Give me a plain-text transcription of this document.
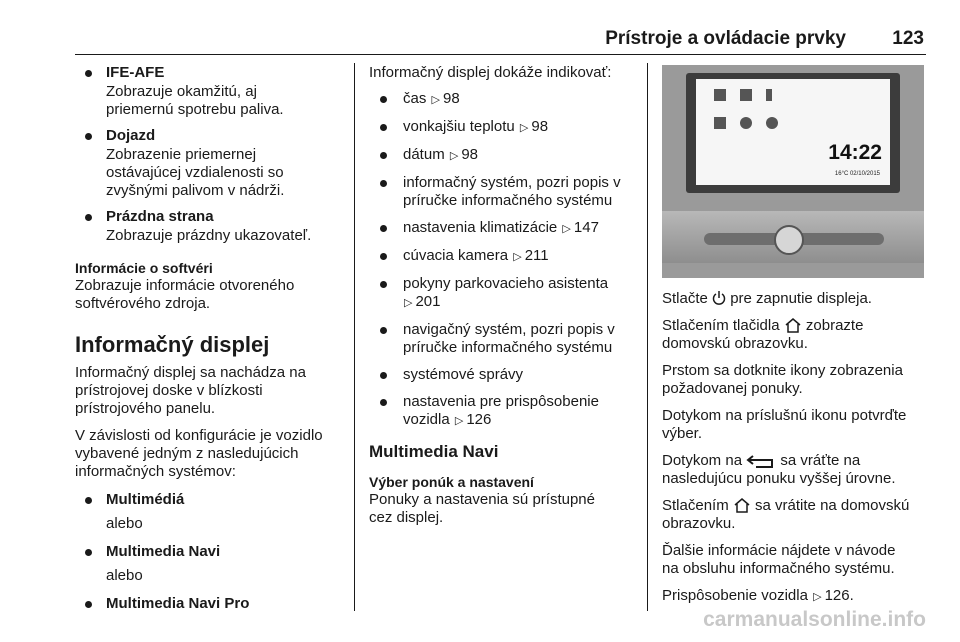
Prístroje a ovládacie prvky 123
IFE-AFE
Zobrazuje okamžitú, aj
priemernú spotrebu paliva.
Dojazd
Zobrazenie priemernej
ostávajúcej vzdialenosti so
zvyšnými palivom v nádrži.
Prázdna strana
Zobrazuje prázdny ukazovateľ.
Informácie o softvéri
Zobrazuje informácie otvoreného
softvérového zdroja.
Informačný displej
Informačný displej sa nachádza na
prístrojovej doske v blízkosti
prístrojového panelu.
V závislosti od konfigurácie je vozidlo
vybavené jedným z nasledujúcich
informačných systémov:
Multimédiá
alebo
Multimedia Navi
alebo
Multimedia Navi Pro
Informačný displej dokáže indikovať:
čas ▷ 98
vonkajšiu teplotu ▷ 98
dátum ▷ 98
informačný systém, pozri popis v
príručke informačného systému
nastavenia klimatizácie ▷ 147
cúvacia kamera ▷ 211
pokyny parkovacieho asistenta
▷ 201
navigačný systém, pozri popis v
príručke informačného systému
systémové správy
nastavenia pre prispôsobenie
vozidla ▷ 126
Multimedia Navi
Výber ponúk a nastavení
Ponuky a nastavenia sú prístupné
cez displej.
14:22
16°C 02/10/2015
Stlačte pre zapnutie displeja.
Stlačením tlačidla zobrazte
domovskú obrazovku.
Prstom sa dotknite ikony zobrazenia
požadovanej ponuky.
Dotykom na príslušnú ikonu potvrďte
výber.
Dotykom na	sa vráťte na
nasledujúcu ponuku vyššej úrovne.
Stlačením sa vrátite na domovskú
obrazovku.
Ďalšie informácie nájdete v návode
na obsluhu informačného systému.
Prispôsobenie vozidla ▷ 126.
carmanualsonline.info
